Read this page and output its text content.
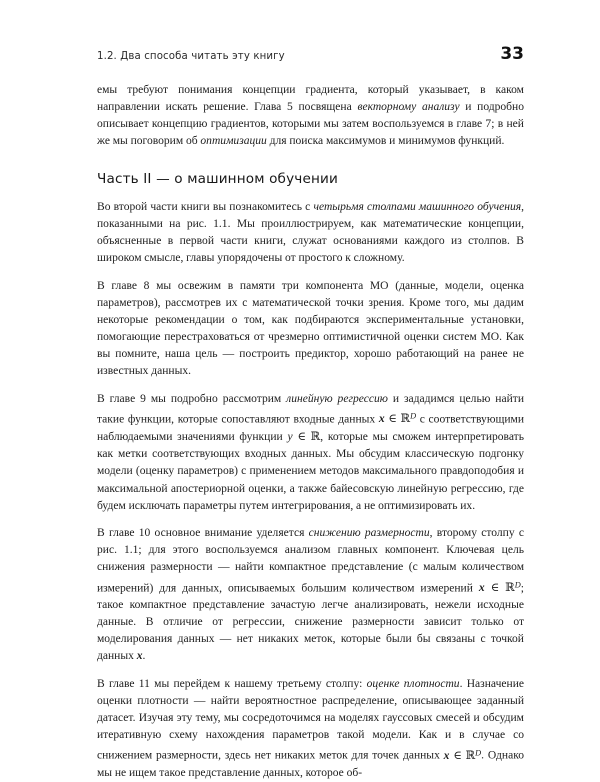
1.2. Два способа читать эту книгу	33

емы требуют понимания концепции градиента, который указывает, в каком направлении искать решение. Глава 5 посвящена векторному анализу и подробно описывает концепцию градиентов, которыми мы затем воспользуемся в главе 7; в ней же мы поговорим об оптимизации для поиска максимумов и минимумов функций.

Часть II — о машинном обучении

Во второй части книги вы познакомитесь с четырьмя столпами машинного обучения, показанными на рис. 1.1. Мы проиллюстрируем, как математические концепции, объясненные в первой части книги, служат основаниями каждого из столпов. В широком смысле, главы упорядочены от простого к сложному.

В главе 8 мы освежим в памяти три компонента МО (данные, модели, оценка параметров), рассмотрев их с математической точки зрения. Кроме того, мы дадим некоторые рекомендации о том, как подбираются экспериментальные установки, помогающие перестраховаться от чрезмерно оптимистичной оценки систем МО. Как вы помните, наша цель — построить предиктор, хорошо работающий на ранее не известных данных.

В главе 9 мы подробно рассмотрим линейную регрессию и зададимся целью найти такие функции, которые сопоставляют входные данных x ∈ ℝ$^D$ с соответствующими наблюдаемыми значениями функции y ∈ ℝ, которые мы сможем интерпретировать как метки соответствующих входных данных. Мы обсудим классическую подгонку модели (оценку параметров) с применением методов максимального правдоподобия и максимальной апостериорной оценки, а также байесовскую линейную регрессию, где будем исключать параметры путем интегрирования, а не оптимизировать их.

В главе 10 основное внимание уделяется снижению размерности, второму столпу с рис. 1.1; для этого воспользуемся анализом главных компонент. Ключевая цель снижения размерности — найти компактное представление (с малым количеством измерений) для данных, описываемых большим количеством измерений x ∈ ℝ$^D$; такое компактное представление зачастую легче анализировать, нежели исходные данные. В отличие от регрессии, снижение размерности зависит только от моделирования данных — нет никаких меток, которые были бы связаны с точкой данных x.

В главе 11 мы перейдем к нашему третьему столпу: оценке плотности. Назначение оценки плотности — найти вероятностное распределение, описывающее заданный датасет. Изучая эту тему, мы сосредоточимся на моделях гауссовых смесей и обсудим итеративную схему нахождения параметров такой модели. Как и в случае со снижением размерности, здесь нет никаких меток для точек данных x ∈ ℝ$^D$. Однако мы не ищем такое представление данных, которое об-
